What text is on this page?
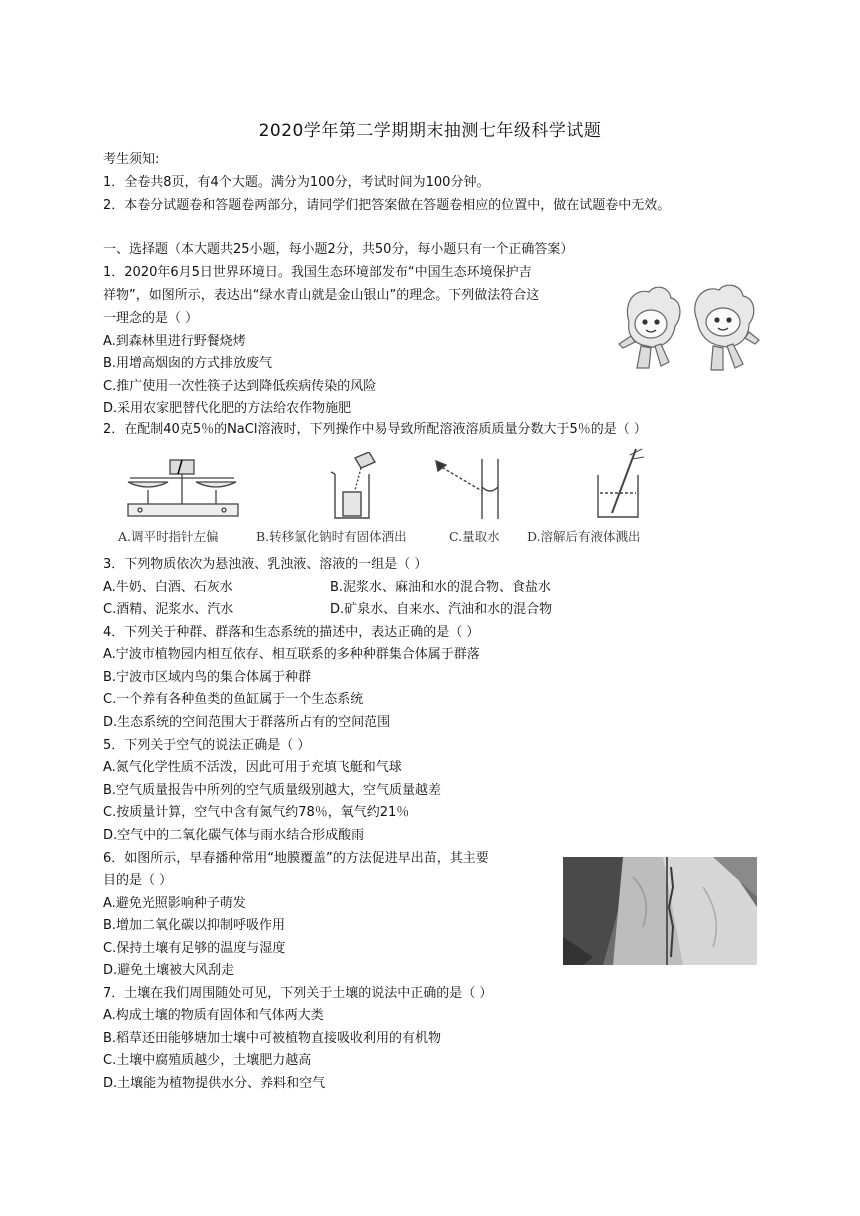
2020学年第二学期期末抽测七年级科学试题
考生须知:
1．全卷共8页，有4个大题。满分为100分，考试时间为100分钟。
2．本卷分试题卷和答题卷两部分，请同学们把答案做在答题卷相应的位置中，做在试题卷中无效。
一、选择题（本大题共25小题，每小题2分，共50分，每小题只有一个正确答案）
1．2020年6月5日世界环境日。我国生态环境部发布“中国生态环境保护吉
祥物”，如图所示，表达出“绿水青山就是金山银山”的理念。下列做法符合这
一理念的是（ ）
A.到森林里进行野餐烧烤
B.用增高烟囱的方式排放废气
C.推广使用一次性筷子达到降低疾病传染的风险
D.采用农家肥替代化肥的方法给农作物施肥
2．在配制40克5％的NaCl溶液时，下列操作中易导致所配溶液溶质质量分数大于5％的是（ ）
A.调平时指针左偏	B.转移氯化钠时有固体洒出	C.量取水 D.溶解后有液体溅出
3．下列物质依次为悬浊液、乳浊液、溶液的一组是（ ）
A.牛奶、白酒、石灰水	B.泥浆水、麻油和水的混合物、食盐水
C.酒精、泥浆水、汽水	D.矿泉水、自来水、汽油和水的混合物
4．下列关于种群、群落和生态系统的描述中，表达正确的是（ ）
A.宁波市植物园内相互依存、相互联系的多种种群集合体属于群落
B.宁波市区域内鸟的集合体属于种群
C.一个养有各种鱼类的鱼缸属于一个生态系统
D.生态系统的空间范围大于群落所占有的空间范围
5．下列关于空气的说法正确是（ ）
A.氮气化学性质不活泼，因此可用于充填飞艇和气球
B.空气质量报告中所列的空气质量级别越大，空气质量越差
C.按质量计算，空气中含有氮气约78％，氧气约21％
D.空气中的二氧化碳气体与雨水结合形成酸雨
6．如图所示，早春播种常用“地膜覆盖”的方法促进早出苗，其主要
目的是（ ）
A.避免光照影响种子萌发
B.增加二氧化碳以抑制呼吸作用
C.保持土壤有足够的温度与湿度
D.避免土壤被大风刮走
7．土壤在我们周围随处可见，下列关于土壤的说法中正确的是（ ）
A.构成土壤的物质有固体和气体两大类
B.稻草还田能够塘加士壤中可被植物直接吸收利用的有机物
C.土壤中腐殖质越少，土壤肥力越高
D.土壤能为植物提供水分、养料和空气
